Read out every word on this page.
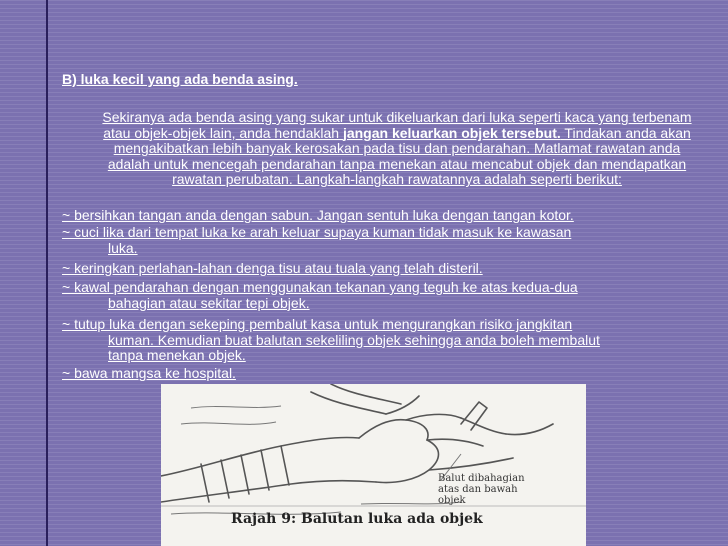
B) luka kecil yang ada benda asing.
Sekiranya ada benda asing yang sukar untuk dikeluarkan dari luka seperti kaca yang terbenam atau objek-objek lain, anda hendaklah jangan keluarkan objek tersebut. Tindakan anda akan mengakibatkan lebih banyak kerosakan pada tisu dan pendarahan. Matlamat rawatan anda adalah untuk mencegah pendarahan tanpa menekan atau mencabut objek dan mendapatkan rawatan perubatan. Langkah-langkah rawatannya adalah seperti berikut:
~ bersihkan tangan anda dengan sabun. Jangan sentuh luka dengan tangan kotor.
~ cuci lika dari tempat luka ke arah keluar supaya kuman tidak masuk ke kawasan
luka.
~ keringkan perlahan-lahan denga tisu atau tuala yang telah disteril.
~ kawal pendarahan dengan menggunakan tekanan yang teguh ke atas kedua-dua
bahagian atau sekitar tepi objek.
~ tutup luka dengan sekeping pembalut kasa untuk mengurangkan risiko jangkitan
kuman. Kemudian buat balutan sekeliling objek sehingga anda boleh membalut
tanpa menekan objek.
~ bawa mangsa ke hospital.
Balut dibahagian
atas dan bawah
objek
Rajah 9: Balutan luka ada objek
